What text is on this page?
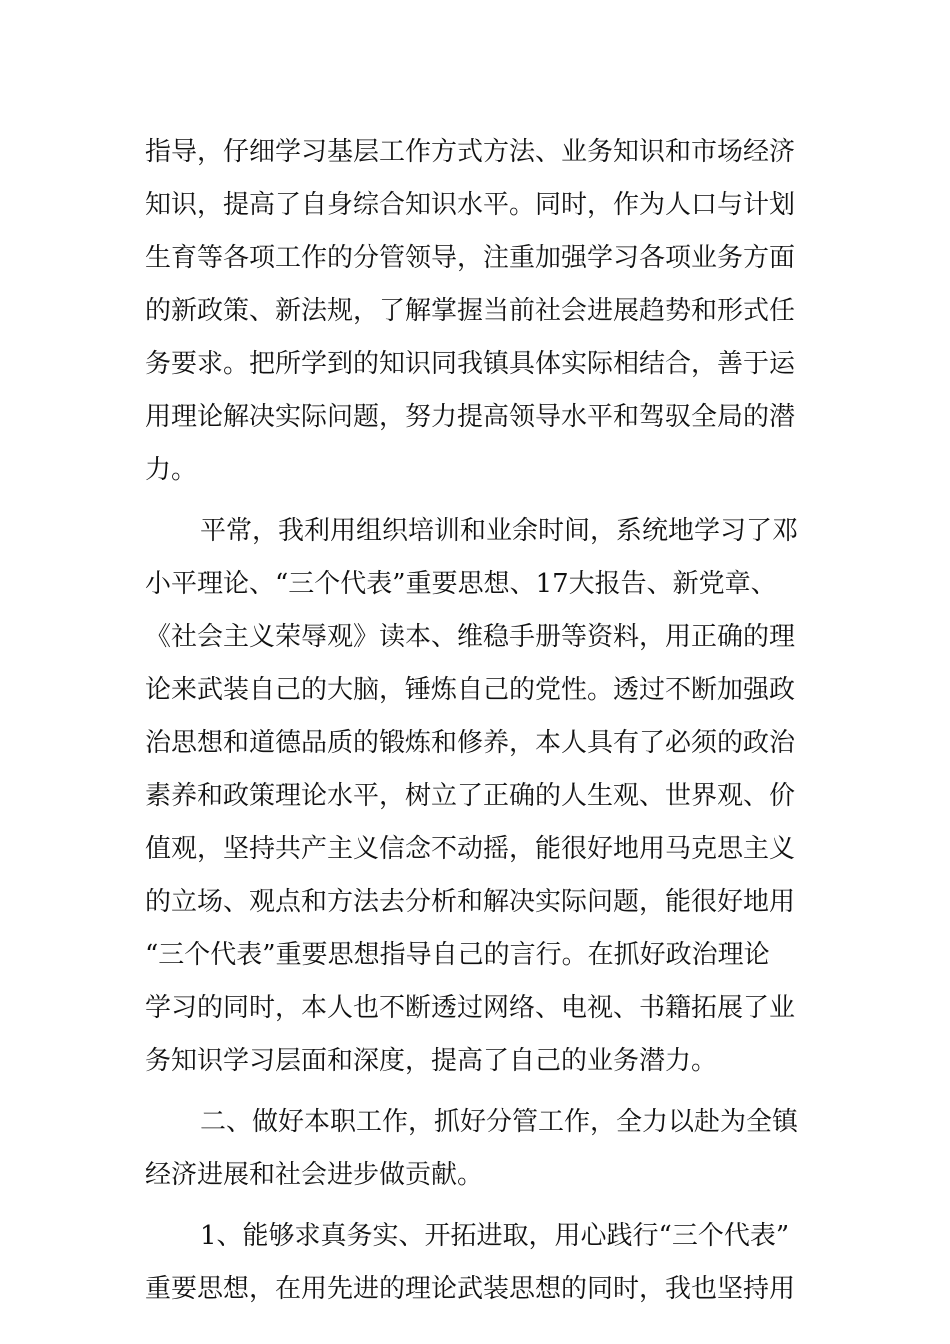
指导，仔细学习基层工作方式方法、业务知识和市场经济
知识，提高了自身综合知识水平。同时，作为人口与计划
生育等各项工作的分管领导，注重加强学习各项业务方面
的新政策、新法规，了解掌握当前社会进展趋势和形式任
务要求。把所学到的知识同我镇具体实际相结合，善于运
用理论解决实际问题，努力提高领导水平和驾驭全局的潜
力。
平常，我利用组织培训和业余时间，系统地学习了邓
小平理论、“三个代表”重要思想、17大报告、新党章、
《社会主义荣辱观》读本、维稳手册等资料，用正确的理
论来武装自己的大脑，锤炼自己的党性。透过不断加强政
治思想和道德品质的锻炼和修养，本人具有了必须的政治
素养和政策理论水平，树立了正确的人生观、世界观、价
值观，坚持共产主义信念不动摇，能很好地用马克思主义
的立场、观点和方法去分析和解决实际问题，能很好地用
“三个代表”重要思想指导自己的言行。在抓好政治理论
学习的同时，本人也不断透过网络、电视、书籍拓展了业
务知识学习层面和深度，提高了自己的业务潜力。
二、做好本职工作，抓好分管工作，全力以赴为全镇
经济进展和社会进步做贡献。
1、能够求真务实、开拓进取，用心践行“三个代表”
重要思想，在用先进的理论武装思想的同时，我也坚持用
